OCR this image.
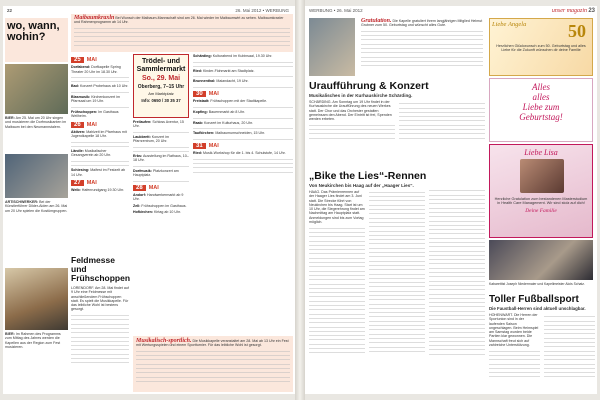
26. Mai 2012 • WERBUNG
22
wo, wann, wohin?
Maibaumkraxln Bei Wunsch der Maibaum-Mannschaft sind am 26. Mai wieder im Maibaumwirt zu sehen. Maibaumkraxler und Rahmenprogramm ab 14 Uhr.
BIER: Am 25. Mai um 20 Uhr singen und musizieren die Dorfmusikanten im Maibaum bei den Neumannstalern.
ARTISCHWERKER: Bei der Künstlerführer Dilder-Aiden am 26. Mai um 20 Uhr spielen die Kostümgruppen.
BIER: Im Rahmen des Programms zum Mittag des Jahres werden die Kapellen aus der Region zum Fest musizieren.
25	MAI
Dorfabend: Dorfkapelle Spring Theater 20 Uhr im 18.30 Uhr.
Bad: Konzert Probehaus ab 10 Uhr.
Blasmusik: Kirchenkonzert im Pfarrsaal um 19 Uhr.
Frühschoppen: Im Gasthaus Weilheim.
26	MAI
Aktiven: Mahlzeit im Pfarrhaus mit Jugendkapelle 18 Uhr.
Ländle: Musikalischer Gesangverein ab 20 Uhr.
Schiesing: Maifest im Festzelt ab 14 Uhr.
27	MAI
Weib: Hafenrundgang 19.30 Uhr.
Feldmesse und Frühschoppen
LORENDORF. Am 28. Mai findet auf 9 Uhr eine Feldmesse mit anschließendem Frühschoppen statt. Es spielt die Musikkapelle. Für das leibliche Wohl ist bestens gesorgt.
Trödel- und Sammlermarkt
So., 29. Mai
Oberberg, 7–15 Uhr
Am Marktplatz
Info: 0650 / 30 35 37
Freilaufen: Schloss Aventur, 15 Uhr.
Laubbrett: Konzert im Pfarrzentrum, 20 Uhr.
Erbs: Ausstellung im Rathaus, 10–18 Uhr.
Dorfmusik: Platzkonzert am Hauptplatz.
28	MAI
Andorf: Handwerkermarkt ab 9 Uhr.
Zell: Frühschoppen im Gasthaus.
Hofkirchen: Kirtag ab 10 Uhr.
Schärding: Kulturabend im Kubinsaal, 19.30 Uhr.
Ried: Kinder-Flohmarkt am Stadtplatz.
Brunnenthal: Maiandacht, 19 Uhr.
30	MAI
Freistadt: Frühschoppen mit der Stadtkapelle.
Kopfing: Bauernmarkt ab 8 Uhr.
Raab: Konzert im Kulturhaus, 20 Uhr.
Taufkirchen: Maibaumumschneiden, 15 Uhr.
31	MAI
Ried: Musik-Workshop für die 1. bis 4. Schulstufe, 14 Uhr.
Musikalisch-sportlich. Die Musikkapelle veranstaltet am 28. Mai ab 13 Uhr ein Fest mit Wertungsspielen und einem Sportturnier. Für das leibliche Wohl ist gesorgt.
WERBUNG • 26. Mai 2012	unser magazin 23
Gratulation. Die Kapelle gratuliert ihrem langjährigen Mitglied Helmut Grubner zum 50. Geburtstag und wünscht alles Gute.	Liebe Angela	50
Herzlichen Glückwunsch zum 50. Geburtstag und alles Liebe für die Zukunft wünschen dir deine Familie
Alles
alles
Liebe zum
Geburtstag!
Liebe Lisa
Herzliche Gratulation zum bestandenen Masterstudium in Health Care Management. Wir sind stolz auf dich!
Deine Familie
Uraufführung & Konzert
Musikalisches in der Kurhauskirche Schärding.
SCHÄRDING. Am Sonntag um 19 Uhr findet in der Kurhauskirche die Uraufführung des neuen Werkes statt. Der Chor und das Orchester gestalten gemeinsam den Abend. Der Eintritt ist frei, Spenden werden erbeten.
„Bike the Lies“-Rennen
Von Neukirchen bis Haag auf der „Haager Lies“.
HAAG. Das Prämienrennen auf der Haager Lies findet am 3. Juni statt. Die Strecke führt von Neukirchen bis Haag. Start ist um 10 Uhr, die Siegerehrung findet am Nachmittag am Hauptplatz statt. Anmeldungen sind bis zum Vortag möglich.
Kabarettist Joseph Niedermaier und Kapellmeister Alois Schatz.
Toller Fußballsport
Die Faustball-Herren sind aktuell unschlagbar.
HOHENWART. Die Herren der Sportunion sind in der laufenden Saison ungeschlagen. Beim Heimspiel am Samstag wurden beide Partien klar gewonnen. Die Mannschaft freut sich auf zahlreiche Unterstützung.
